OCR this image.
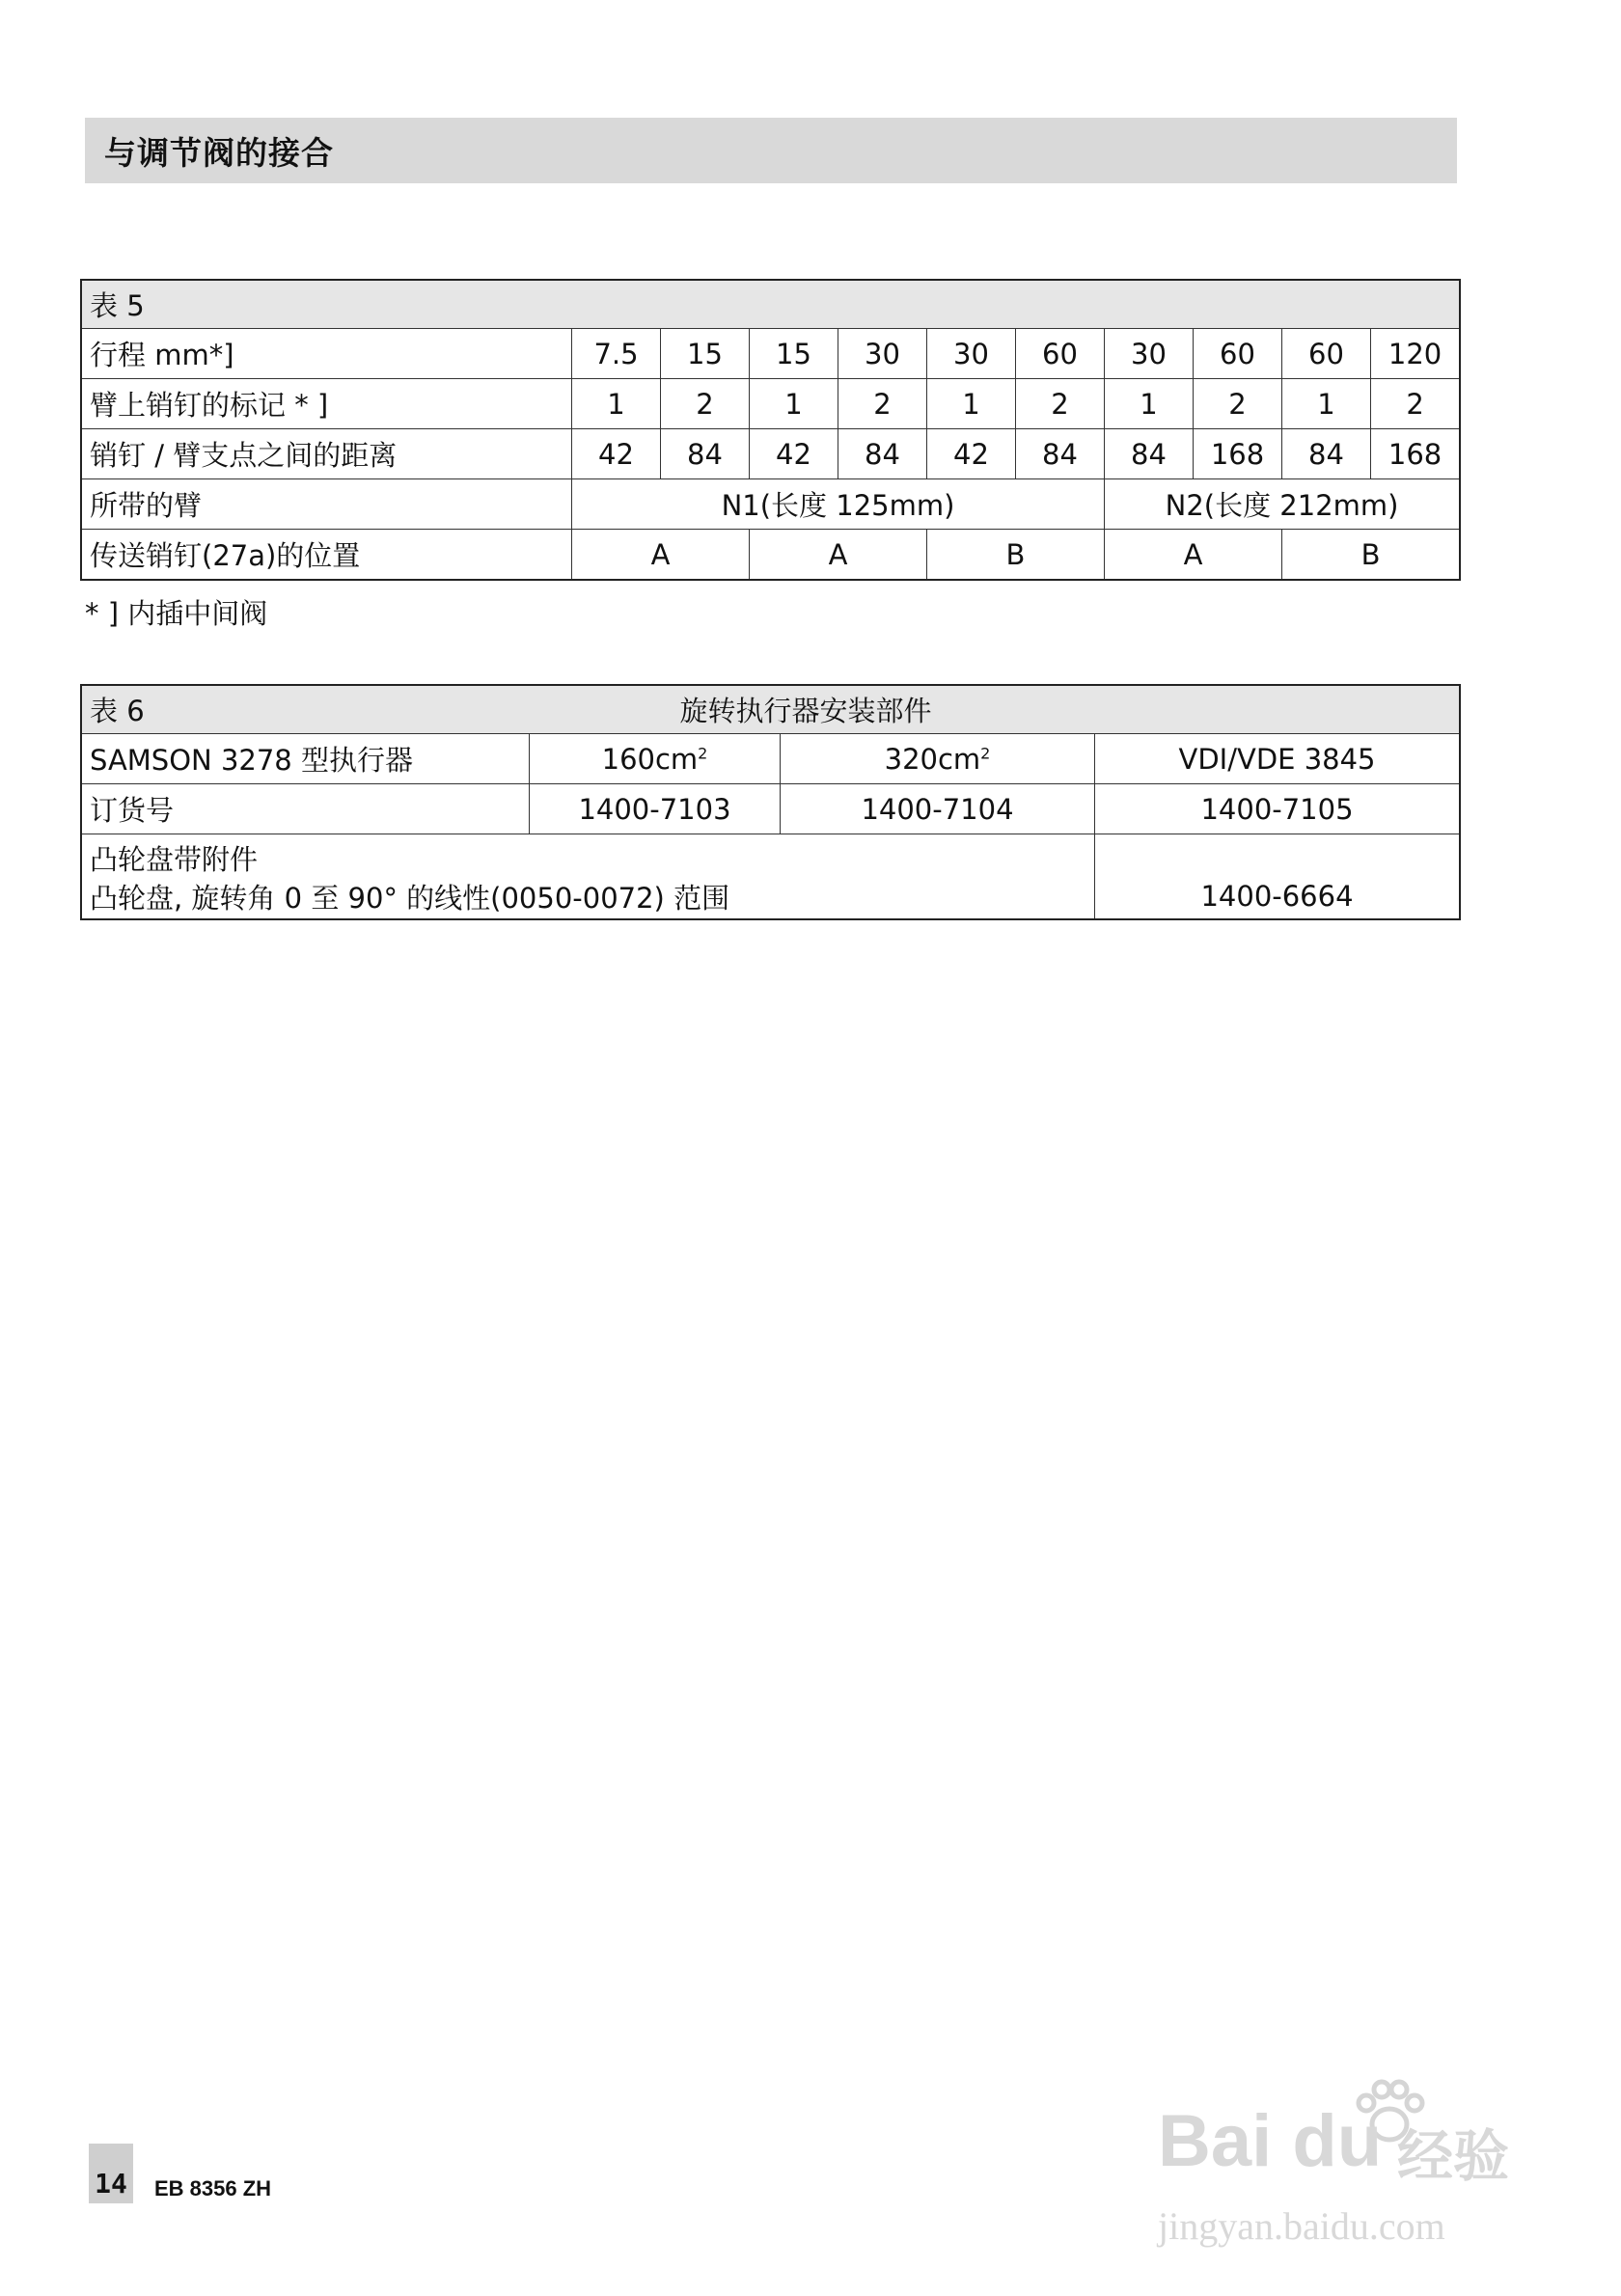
与调节阀的接合
表 5										
行程 mm*]	7.5	15	15	30	30	60	30	60	60	120
臂上销钉的标记 * ]	1	2	1	2	1	2	1	2	1	2
销钉 / 臂支点之间的距离	42	84	42	84	42	84	84	168	84	168
所带的臂	N1(长度 125mm)						N2(长度 212mm)			
传送销钉(27a)的位置	A		A		B		A		B	
* ] 内插中间阀
表 6	旋转执行器安装部件		
SAMSON 3278 型执行器	$160cm^2$	$320cm^2$	VDI/VDE 3845
订货号	1400-7103	1400-7104	1400-7105

凸轮盘带附件
凸轮盘, 旋转角 0 至 90° 的线性(0050-0072) 范围			1400-6664
14 EB 8356 ZH
Bai du 经验
jingyan.baidu.com
